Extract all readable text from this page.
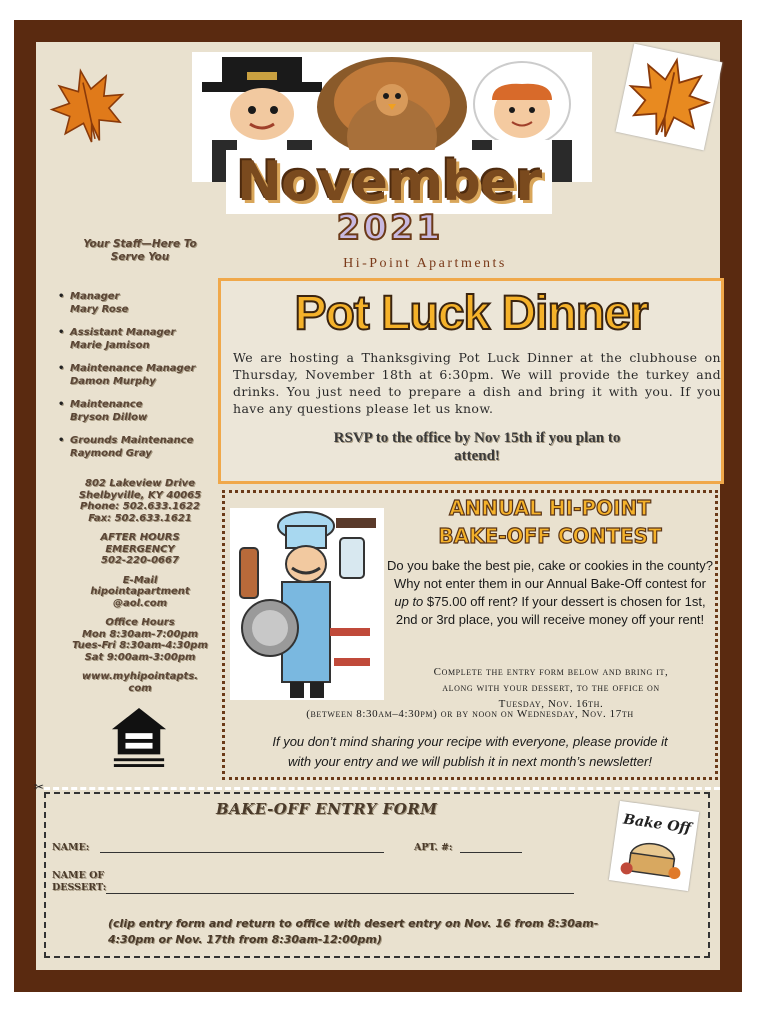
November
2021
Hi-Point Apartments
Your Staff—Here To
Serve You
• Manager
Mary Rose
• Assistant Manager
Marie Jamison
• Maintenance Manager
Damon Murphy
• Maintenance
Bryson Dillow
• Grounds Maintenance
Raymond Gray
802 Lakeview Drive
Shelbyville, KY 40065
Phone: 502.633.1622
Fax: 502.633.1621
AFTER HOURS
EMERGENCY
502-220-0667
E-Mail
hipointapartment
@aol.com
Office Hours
Mon 8:30am-7:00pm
Tues-Fri 8:30am-4:30pm
Sat 9:00am-3:00pm
www.myhipointapts.
com
Pot Luck Dinner
We are hosting a Thanksgiving Pot Luck Dinner at the clubhouse on Thursday, November 18th at 6:30pm. We will provide the turkey and drinks. You just need to prepare a dish and bring it with you. If you have any questions please let us know.
RSVP to the office by Nov 15th if you plan to
attend!
ANNUAL HI-POINT
BAKE-OFF CONTEST
Do you bake the best pie, cake or cookies in the county? Why not enter them in our Annual Bake-Off contest for up to $75.00 off rent? If your dessert is chosen for 1st, 2nd or 3rd place, you will receive money off your rent!
Complete the entry form below and bring it,
along with your dessert, to the office on
Tuesday, Nov. 16th.
(between 8:30am–4:30pm) or by noon on Wednesday, Nov. 17th
If you don’t mind sharing your recipe with everyone, please provide it
with your entry and we will publish it in next month’s newsletter!
✂
BAKE-OFF ENTRY FORM
NAME:	APT. #:
NAME OF
DESSERT:
(clip entry form and return to office with desert entry on Nov. 16 from 8:30am-
4:30pm or Nov. 17th from 8:30am-12:00pm)
Bake Off
